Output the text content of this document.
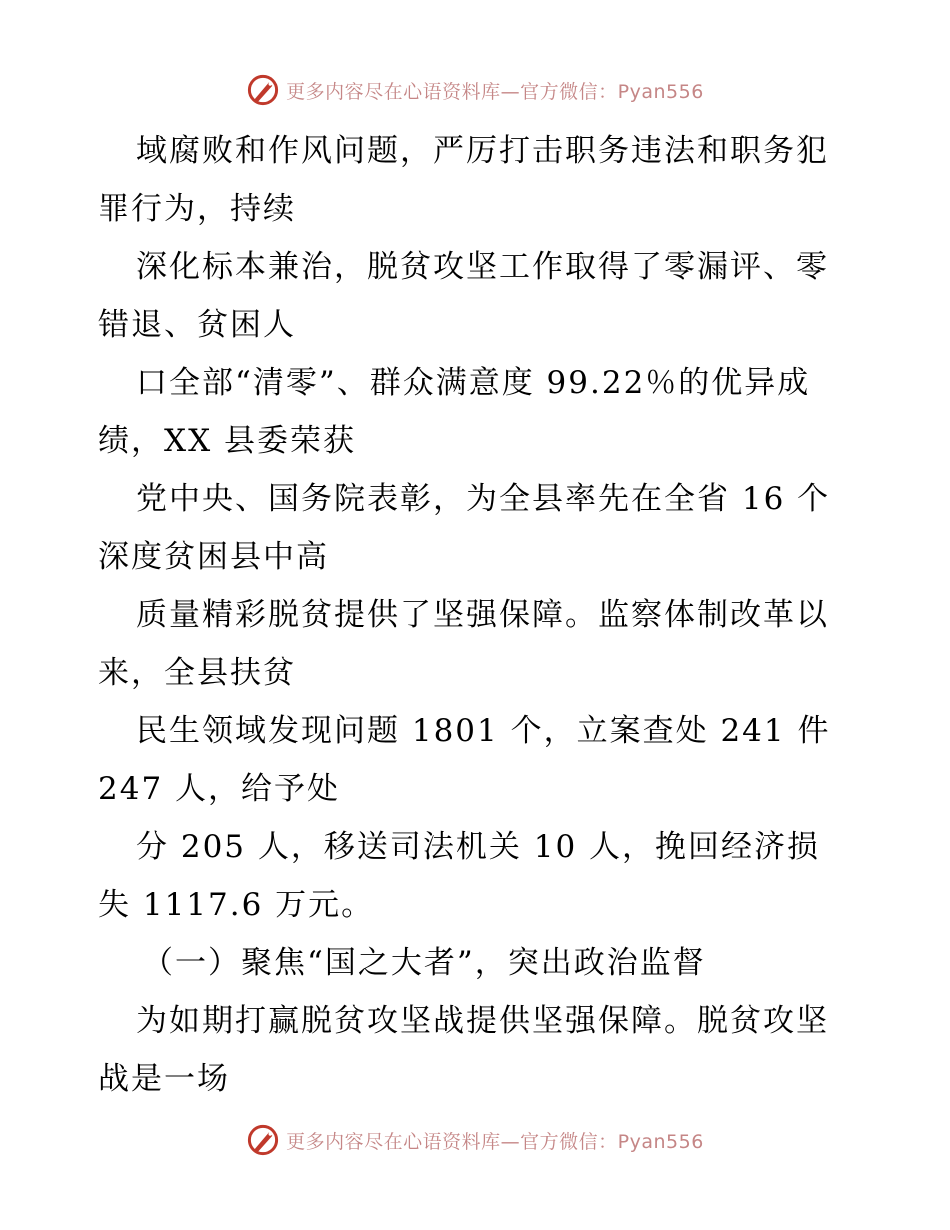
更多内容尽在心语资料库—官方微信：Pyan556
域腐败和作风问题，严厉打击职务违法和职务犯
罪行为，持续
深化标本兼治，脱贫攻坚工作取得了零漏评、零
错退、贫困人
口全部“清零”、群众满意度 99.22％的优异成
绩，XX 县委荣获
党中央、国务院表彰，为全县率先在全省 16 个
深度贫困县中高
质量精彩脱贫提供了坚强保障。监察体制改革以
来，全县扶贫
民生领域发现问题 1801 个，立案查处 241 件
247 人，给予处
分 205 人，移送司法机关 10 人，挽回经济损
失 1117.6 万元。
（一）聚焦“国之大者”，突出政治监督
为如期打赢脱贫攻坚战提供坚强保障。脱贫攻坚
战是一场
更多内容尽在心语资料库—官方微信：Pyan556
